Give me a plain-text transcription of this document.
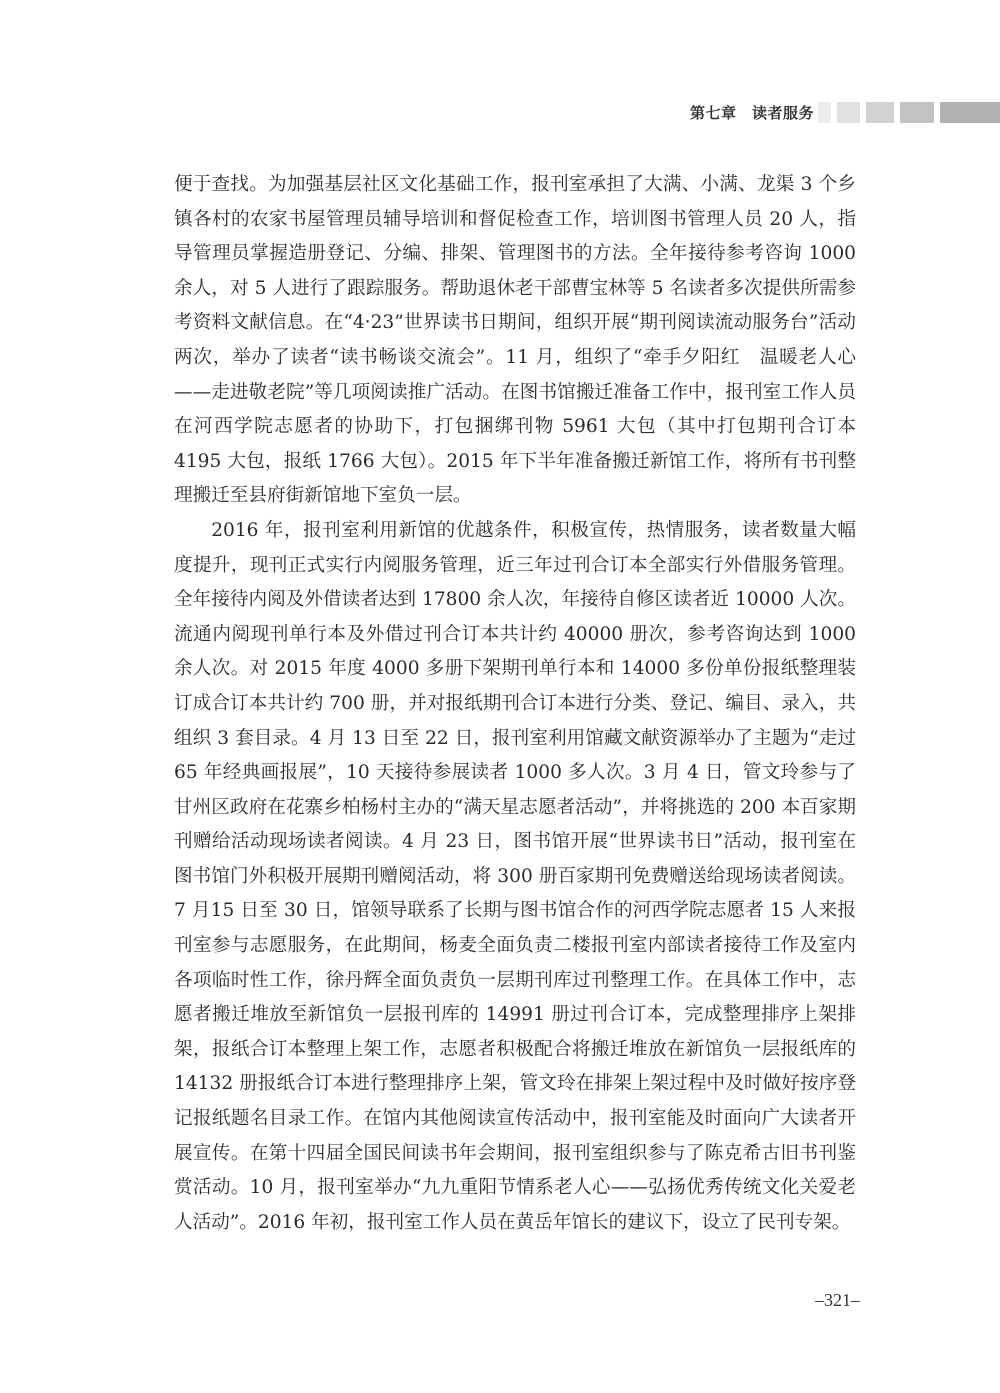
第七章　读者服务

便于查找。为加强基层社区文化基础工作，报刊室承担了大满、小满、龙渠 3 个乡镇各村的农家书屋管理员辅导培训和督促检查工作，培训图书管理人员 20 人，指导管理员掌握造册登记、分编、排架、管理图书的方法。全年接待参考咨询 1000 余人，对 5 人进行了跟踪服务。帮助退休老干部曹宝林等 5 名读者多次提供所需参考资料文献信息。在“4·23”世界读书日期间，组织开展“期刊阅读流动服务台”活动两次，举办了读者“读书畅谈交流会”。11 月，组织了“牵手夕阳红　温暖老人心——走进敬老院”等几项阅读推广活动。在图书馆搬迁准备工作中，报刊室工作人员在河西学院志愿者的协助下，打包捆绑刊物 5961 大包（其中打包期刊合订本 4195 大包，报纸 1766 大包）。2015 年下半年准备搬迁新馆工作，将所有书刊整理搬迁至县府街新馆地下室负一层。

2016 年，报刊室利用新馆的优越条件，积极宣传，热情服务，读者数量大幅度提升，现刊正式实行内阅服务管理，近三年过刊合订本全部实行外借服务管理。全年接待内阅及外借读者达到 17800 余人次，年接待自修区读者近 10000 人次。流通内阅现刊单行本及外借过刊合订本共计约 40000 册次，参考咨询达到 1000 余人次。对 2015 年度 4000 多册下架期刊单行本和 14000 多份单份报纸整理装订成合订本共计约 700 册，并对报纸期刊合订本进行分类、登记、编目、录入，共组织 3 套目录。4 月 13 日至 22 日，报刊室利用馆藏文献资源举办了主题为“走过 65 年经典画报展”，10 天接待参展读者 1000 多人次。3 月 4 日，管文玲参与了甘州区政府在花寨乡柏杨村主办的“满天星志愿者活动”，并将挑选的 200 本百家期刊赠给活动现场读者阅读。4 月 23 日，图书馆开展“世界读书日”活动，报刊室在图书馆门外积极开展期刊赠阅活动，将 300 册百家期刊免费赠送给现场读者阅读。7 月15 日至 30 日，馆领导联系了长期与图书馆合作的河西学院志愿者 15 人来报刊室参与志愿服务，在此期间，杨麦全面负责二楼报刊室内部读者接待工作及室内各项临时性工作，徐丹辉全面负责负一层期刊库过刊整理工作。在具体工作中，志愿者搬迁堆放至新馆负一层报刊库的 14991 册过刊合订本，完成整理排序上架排架，报纸合订本整理上架工作，志愿者积极配合将搬迁堆放在新馆负一层报纸库的 14132 册报纸合订本进行整理排序上架，管文玲在排架上架过程中及时做好按序登记报纸题名目录工作。在馆内其他阅读宣传活动中，报刊室能及时面向广大读者开展宣传。在第十四届全国民间读书年会期间，报刊室组织参与了陈克希古旧书刊鉴赏活动。10 月，报刊室举办“九九重阳节情系老人心——弘扬优秀传统文化关爱老人活动”。2016 年初，报刊室工作人员在黄岳年馆长的建议下，设立了民刊专架。

–321–
